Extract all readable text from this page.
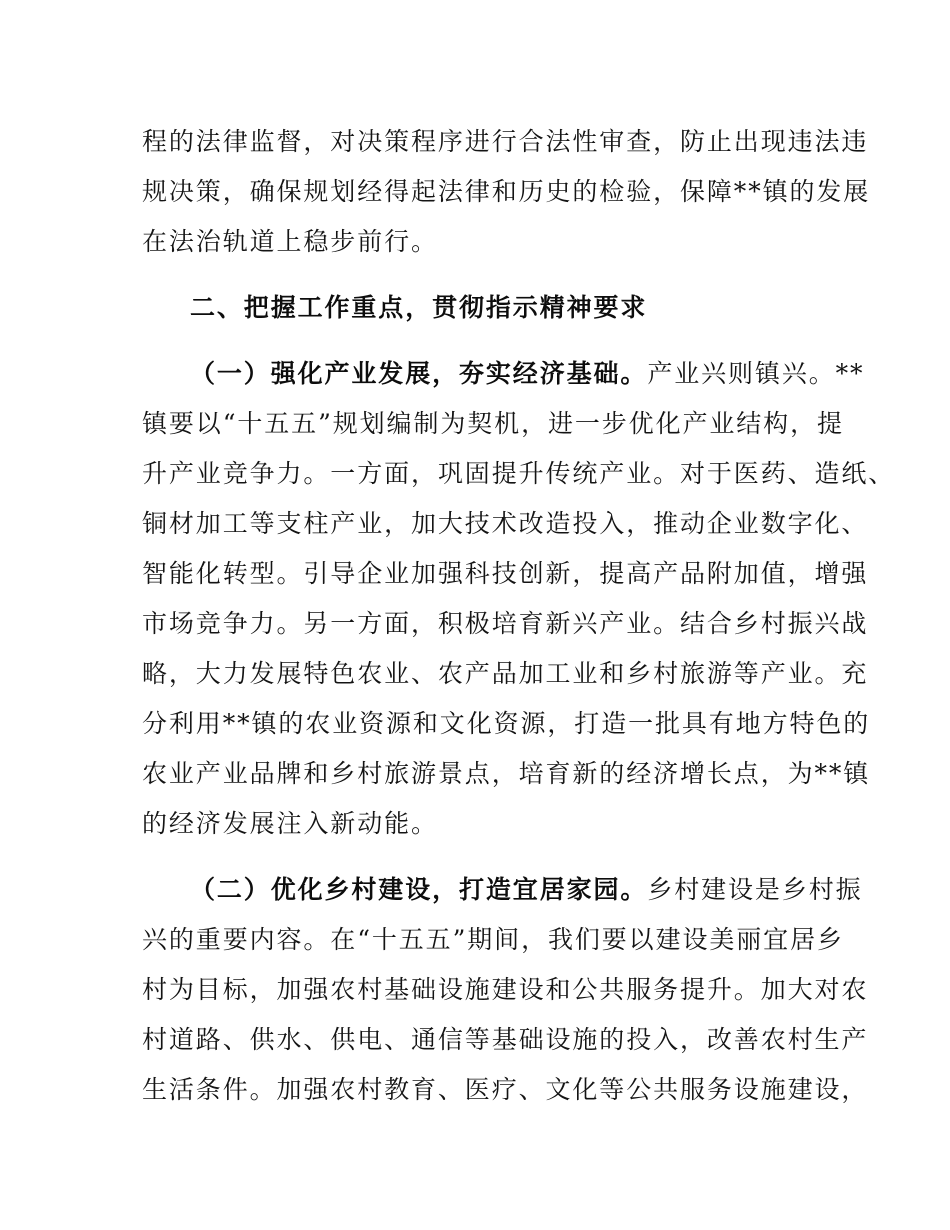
程的法律监督，对决策程序进行合法性审查，防止出现违法违
规决策，确保规划经得起法律和历史的检验，保障**镇的发展
在法治轨道上稳步前行。
二、把握工作重点，贯彻指示精神要求
（一）强化产业发展，夯实经济基础。产业兴则镇兴。**
镇要以“十五五”规划编制为契机，进一步优化产业结构，提
升产业竞争力。一方面，巩固提升传统产业。对于医药、造纸、
铜材加工等支柱产业，加大技术改造投入，推动企业数字化、
智能化转型。引导企业加强科技创新，提高产品附加值，增强
市场竞争力。另一方面，积极培育新兴产业。结合乡村振兴战
略，大力发展特色农业、农产品加工业和乡村旅游等产业。充
分利用**镇的农业资源和文化资源，打造一批具有地方特色的
农业产业品牌和乡村旅游景点，培育新的经济增长点，为**镇
的经济发展注入新动能。
（二）优化乡村建设，打造宜居家园。乡村建设是乡村振
兴的重要内容。在“十五五”期间，我们要以建设美丽宜居乡
村为目标，加强农村基础设施建设和公共服务提升。加大对农
村道路、供水、供电、通信等基础设施的投入，改善农村生产
生活条件。加强农村教育、医疗、文化等公共服务设施建设，
